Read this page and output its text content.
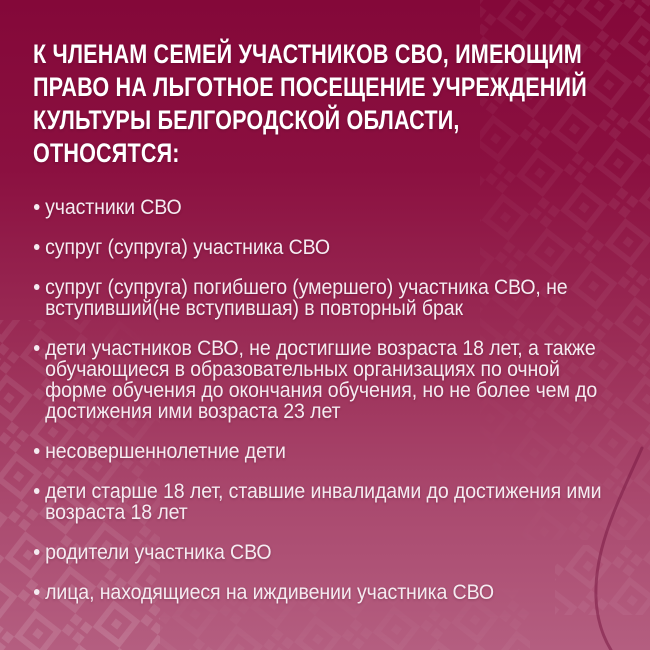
К ЧЛЕНАМ СЕМЕЙ УЧАСТНИКОВ СВО, ИМЕЮЩИМ
ПРАВО НА ЛЬГОТНОЕ ПОСЕЩЕНИЕ УЧРЕЖДЕНИЙ
КУЛЬТУРЫ БЕЛГОРОДСКОЙ ОБЛАСТИ,
ОТНОСЯТСЯ:
участники СВО
супруг (супруга) участника СВО
супруг (супруга) погибшего (умершего) участника СВО, не вступивший(не вступившая) в повторный брак
дети участников СВО, не достигшие возраста 18 лет, а также обучающиеся в образовательных организациях по очной форме обучения до окончания обучения, но не более чем до достижения ими возраста 23 лет
несовершеннолетние дети
дети старше 18 лет, ставшие инвалидами до достижения ими возраста 18 лет
родители участника СВО
лица, находящиеся на иждивении участника СВО
